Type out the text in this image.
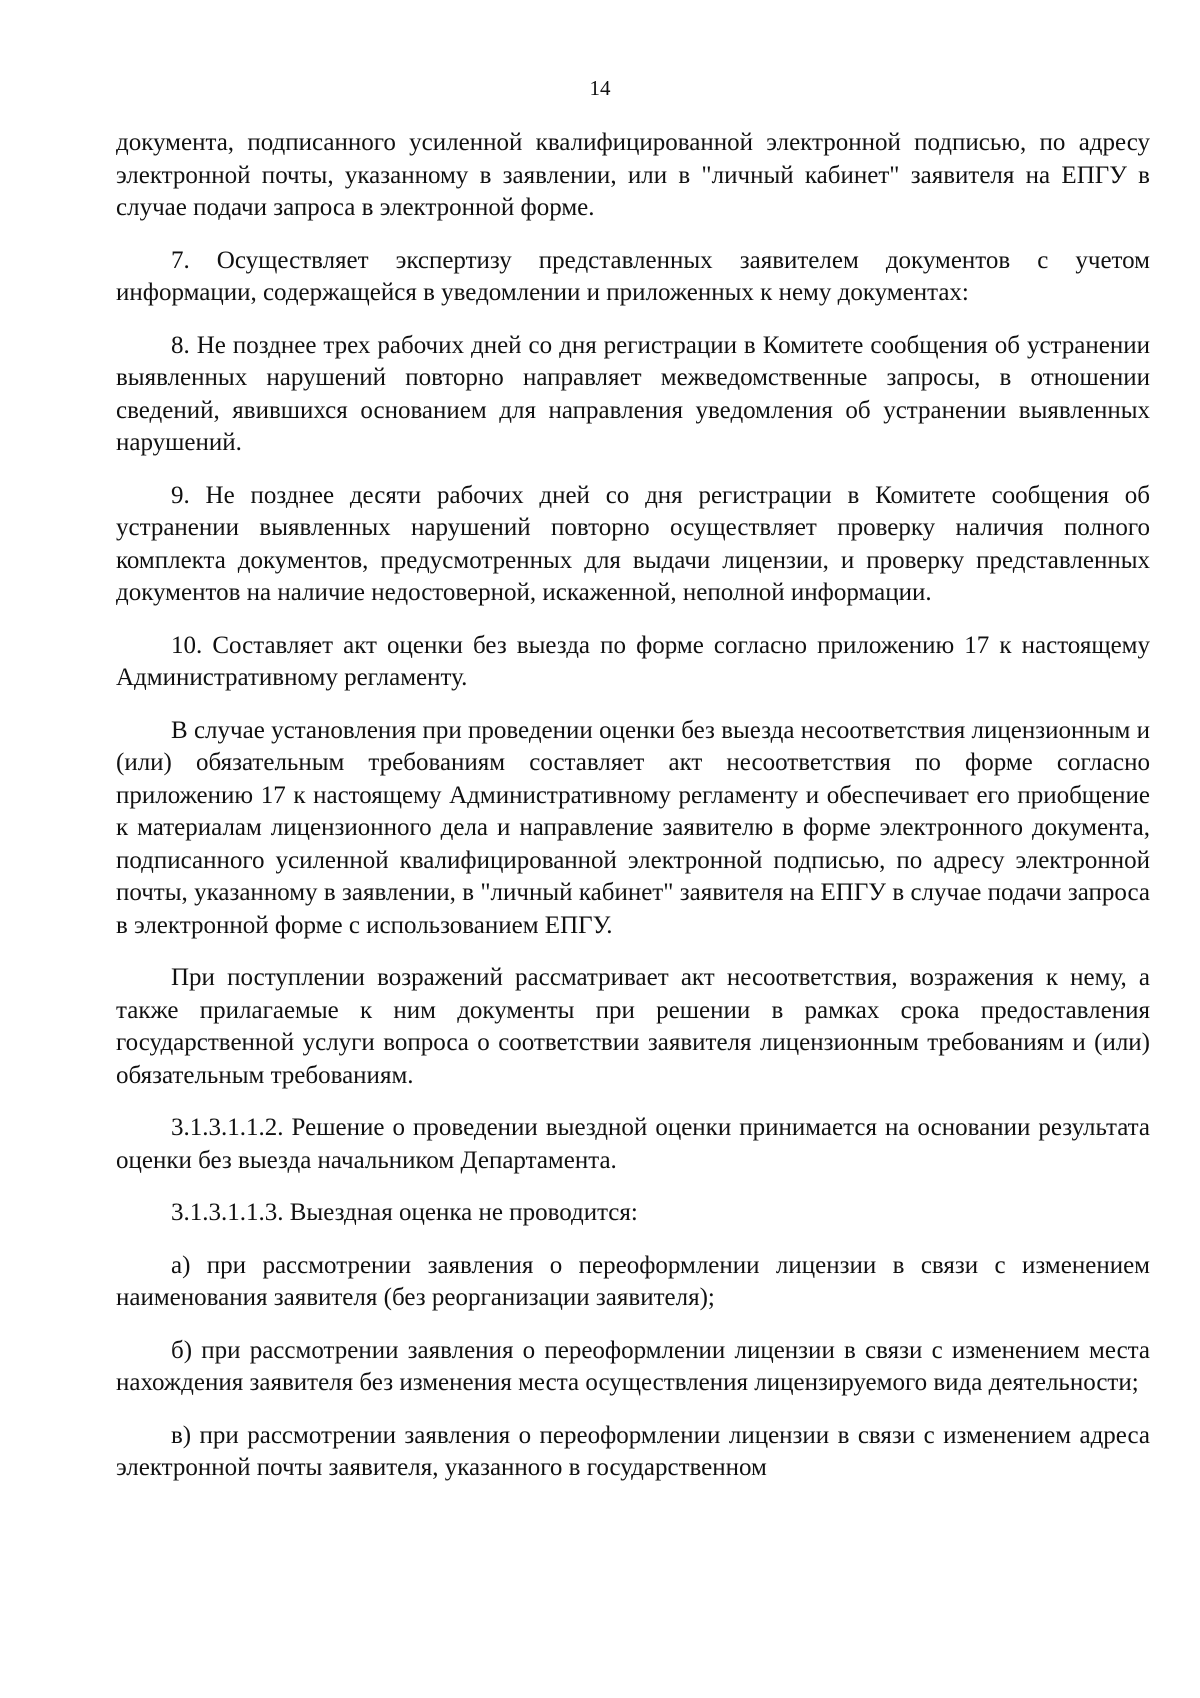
14

документа, подписанного усиленной квалифицированной электронной подписью, по адресу электронной почты, указанному в заявлении, или в "личный кабинет" заявителя на ЕПГУ в случае подачи запроса в электронной форме.

7. Осуществляет экспертизу представленных заявителем документов с учетом информации, содержащейся в уведомлении и приложенных к нему документах:

8. Не позднее трех рабочих дней со дня регистрации в Комитете сообщения об устранении выявленных нарушений повторно направляет межведомственные запросы, в отношении сведений, явившихся основанием для направления уведомления об устранении выявленных нарушений.

9. Не позднее десяти рабочих дней со дня регистрации в Комитете сообщения об устранении выявленных нарушений повторно осуществляет проверку наличия полного комплекта документов, предусмотренных для выдачи лицензии, и проверку представленных документов на наличие недостоверной, искаженной, неполной информации.

10. Составляет акт оценки без выезда по форме согласно приложению 17 к настоящему Административному регламенту.

В случае установления при проведении оценки без выезда несоответствия лицензионным и (или) обязательным требованиям составляет акт несоответствия по форме согласно приложению 17 к настоящему Административному регламенту и обеспечивает его приобщение к материалам лицензионного дела и направление заявителю в форме электронного документа, подписанного усиленной квалифицированной электронной подписью, по адресу электронной почты, указанному в заявлении, в "личный кабинет" заявителя на ЕПГУ в случае подачи запроса в электронной форме с использованием ЕПГУ.

При поступлении возражений рассматривает акт несоответствия, возражения к нему, а также прилагаемые к ним документы при решении в рамках срока предоставления государственной услуги вопроса о соответствии заявителя лицензионным требованиям и (или) обязательным требованиям.

3.1.3.1.1.2. Решение о проведении выездной оценки принимается на основании результата оценки без выезда начальником Департамента.

3.1.3.1.1.3. Выездная оценка не проводится:

а) при рассмотрении заявления о переоформлении лицензии в связи с изменением наименования заявителя (без реорганизации заявителя);

б) при рассмотрении заявления о переоформлении лицензии в связи с изменением места нахождения заявителя без изменения места осуществления лицензируемого вида деятельности;

в) при рассмотрении заявления о переоформлении лицензии в связи с изменением адреса электронной почты заявителя, указанного в государственном
